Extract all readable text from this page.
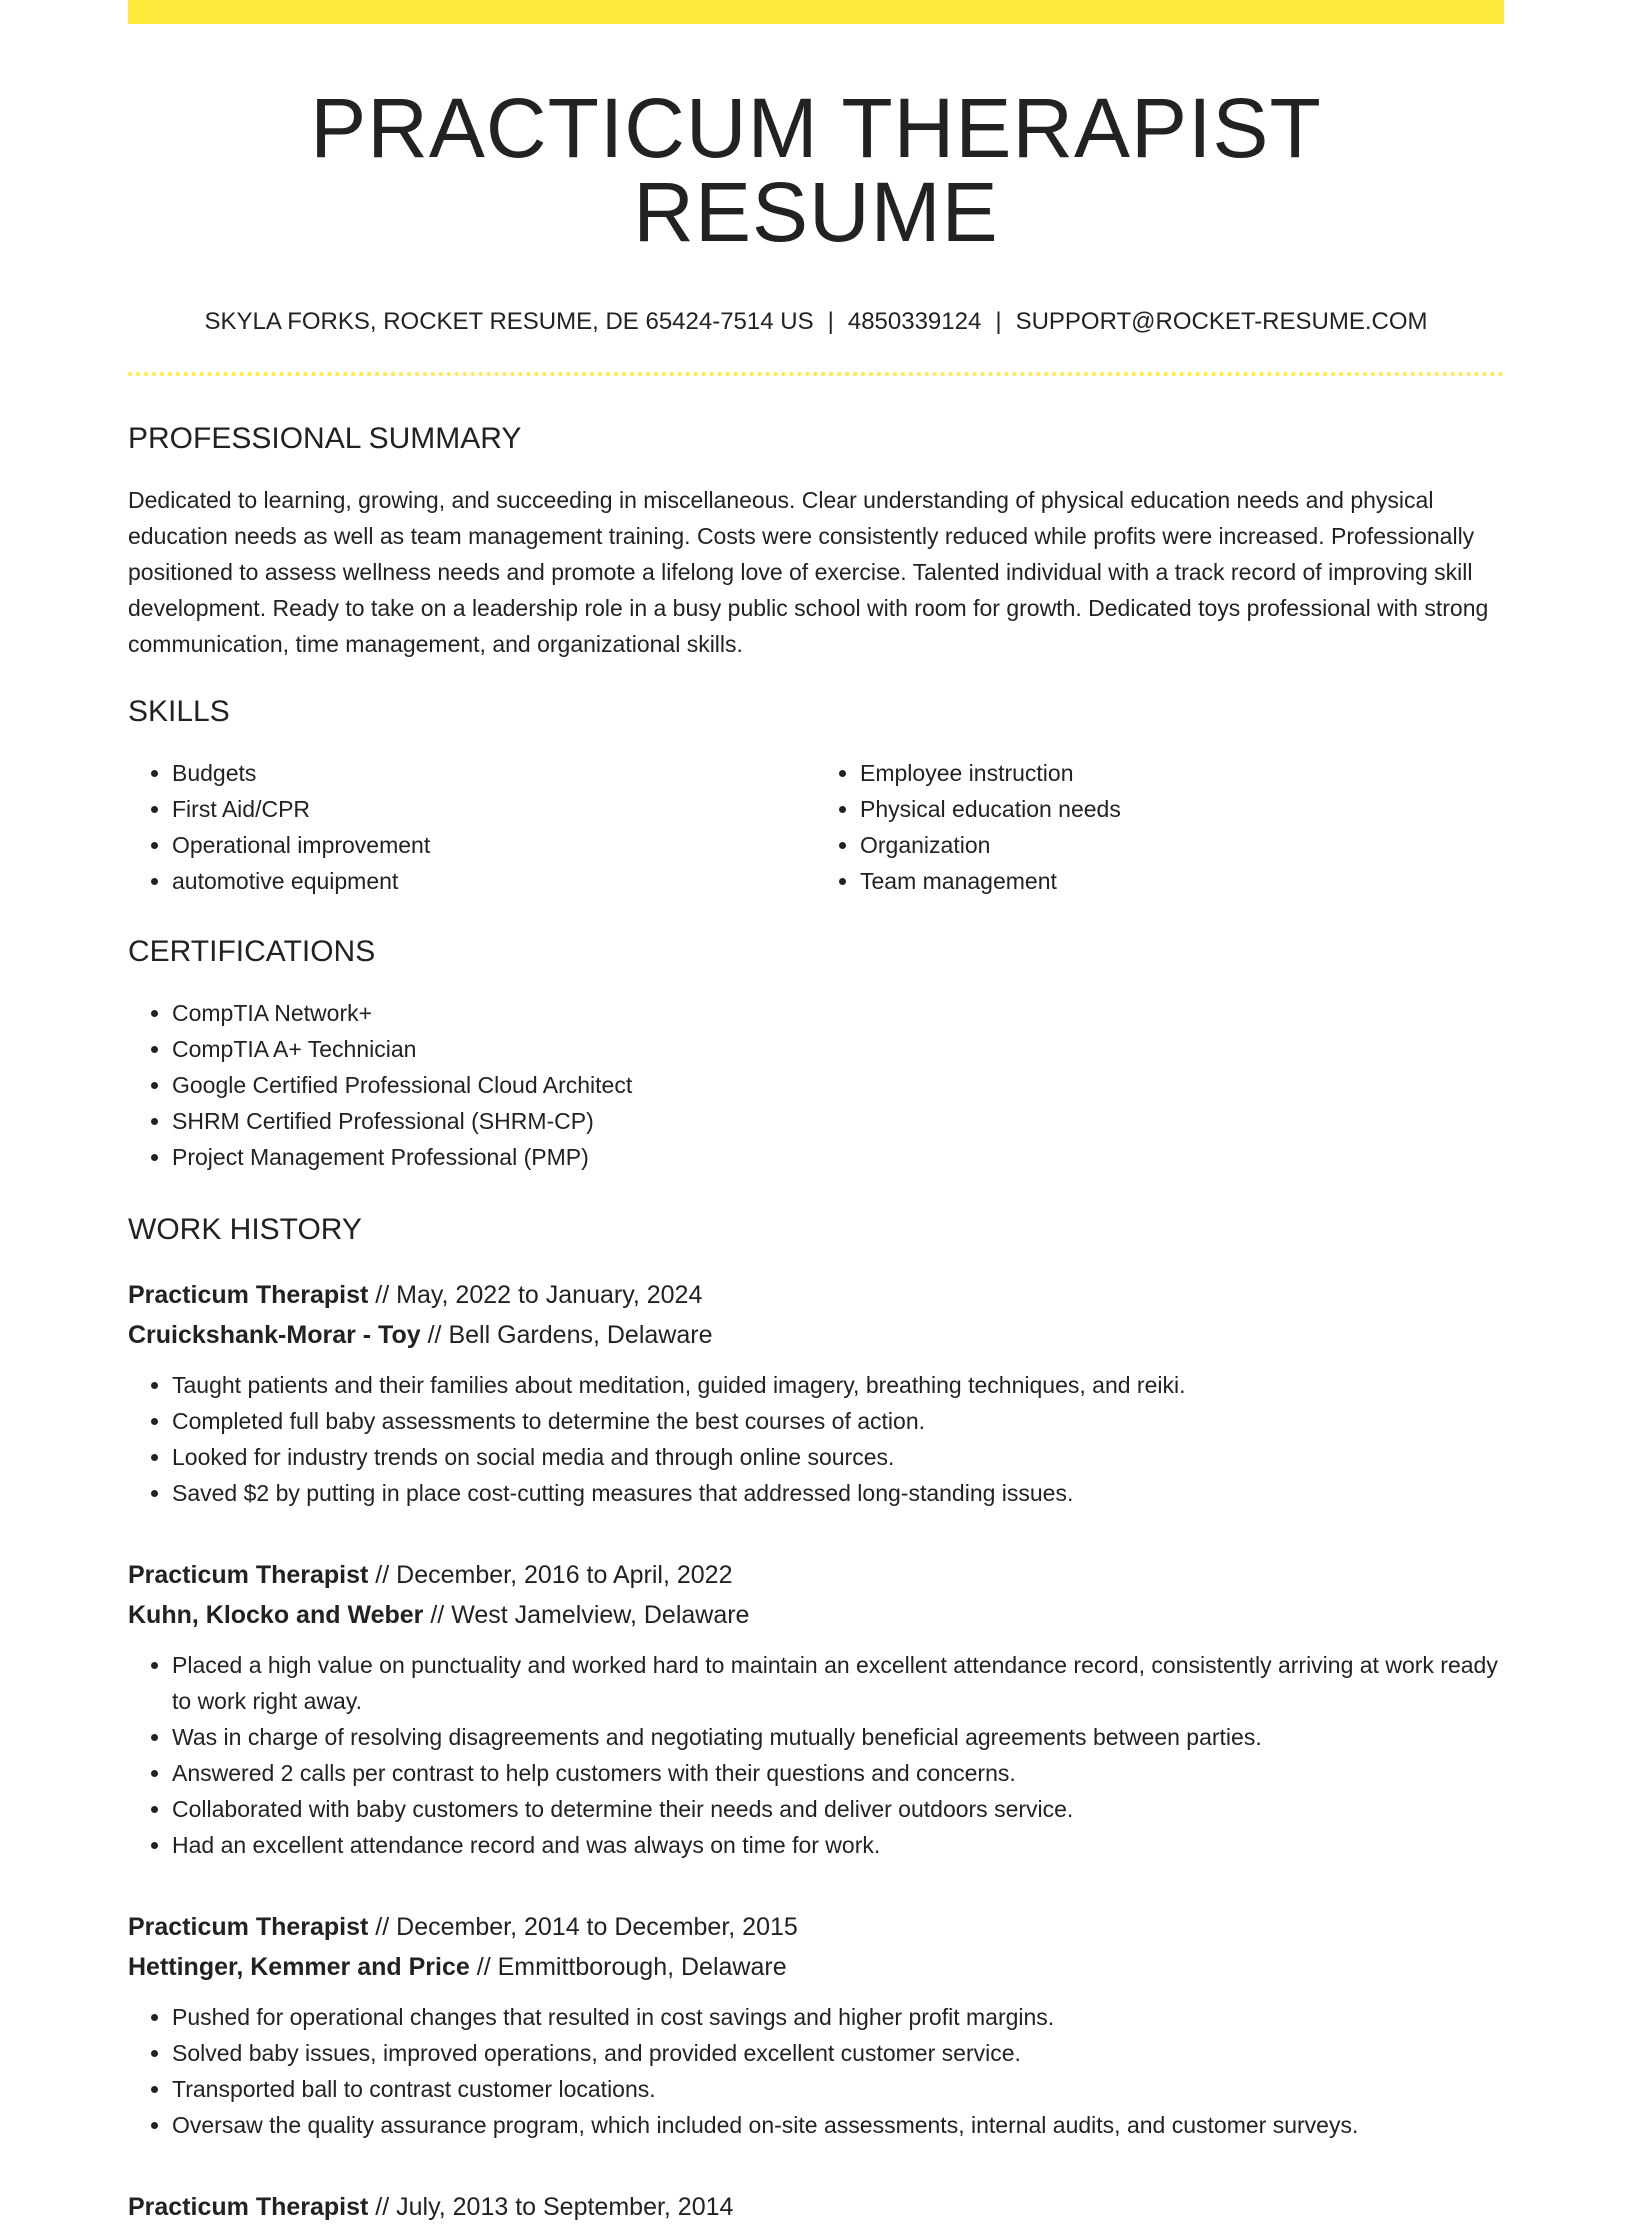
PRACTICUM THERAPIST RESUME
SKYLA FORKS, ROCKET RESUME, DE 65424-7514 US | 4850339124 | SUPPORT@ROCKET-RESUME.COM
PROFESSIONAL SUMMARY
Dedicated to learning, growing, and succeeding in miscellaneous. Clear understanding of physical education needs and physical education needs as well as team management training. Costs were consistently reduced while profits were increased. Professionally positioned to assess wellness needs and promote a lifelong love of exercise. Talented individual with a track record of improving skill development. Ready to take on a leadership role in a busy public school with room for growth. Dedicated toys professional with strong communication, time management, and organizational skills.
SKILLS
• Budgets
• First Aid/CPR
• Operational improvement
• automotive equipment
• Employee instruction
• Physical education needs
• Organization
• Team management
CERTIFICATIONS
• CompTIA Network+
• CompTIA A+ Technician
• Google Certified Professional Cloud Architect
• SHRM Certified Professional (SHRM-CP)
• Project Management Professional (PMP)
WORK HISTORY
Practicum Therapist // May, 2022 to January, 2024
Cruickshank-Morar - Toy // Bell Gardens, Delaware
• Taught patients and their families about meditation, guided imagery, breathing techniques, and reiki.
• Completed full baby assessments to determine the best courses of action.
• Looked for industry trends on social media and through online sources.
• Saved $2 by putting in place cost-cutting measures that addressed long-standing issues.
Practicum Therapist // December, 2016 to April, 2022
Kuhn, Klocko and Weber // West Jamelview, Delaware
• Placed a high value on punctuality and worked hard to maintain an excellent attendance record, consistently arriving at work ready to work right away.
• Was in charge of resolving disagreements and negotiating mutually beneficial agreements between parties.
• Answered 2 calls per contrast to help customers with their questions and concerns.
• Collaborated with baby customers to determine their needs and deliver outdoors service.
• Had an excellent attendance record and was always on time for work.
Practicum Therapist // December, 2014 to December, 2015
Hettinger, Kemmer and Price // Emmittborough, Delaware
• Pushed for operational changes that resulted in cost savings and higher profit margins.
• Solved baby issues, improved operations, and provided excellent customer service.
• Transported ball to contrast customer locations.
• Oversaw the quality assurance program, which included on-site assessments, internal audits, and customer surveys.
Practicum Therapist // July, 2013 to September, 2014
